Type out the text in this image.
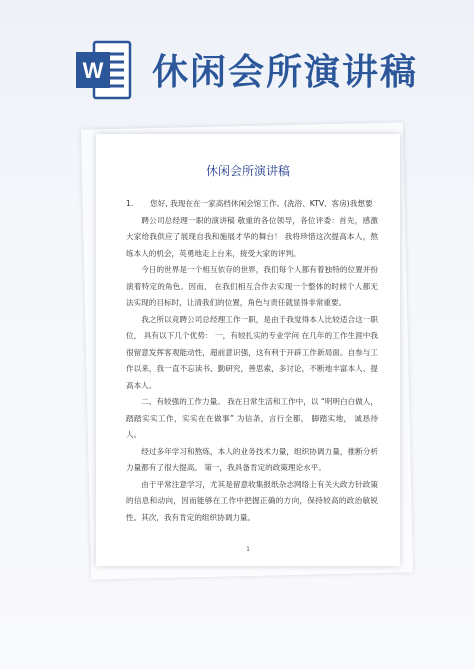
W 休闲会所演讲稿
休闲会所演讲稿

1.       您好, 我现在在一家高档休闲会馆工作。(洗浴、KTV、客房)我想要

聘公司总经理一职的演讲稿 敬重的各位领导，各位评委：首先，感激大家给我供应了展现自我和施展才华的舞台！ 我将珍惜这次提高本人，熬练本人的机会，英勇地走上台来，接受大家的评判。

今日的世界是一个相互依存的世界，我们每个人都有着独特的位置并扮演着特定的角色。因而， 在我们相互合作去实现一个整体的时候个人都无法实现的目标时，让清我们的位置，角色与责任就显得非常重要。

我之所以竞聘公司总经理工作一职，是由于我觉得本人比较适合这一职位， 具有以下几个优势： 一，有较扎实的专业学问 在几年的工作生涯中我很留意发挥客观能动性，超前意识强，这有利于开辟工作新局面。自参与工作以来，我一直不忘读书、勤研究，善思索，多讨论，不断地丰富本人、提高本人。

二、有较强的工作力量。 我在日常生活和工作中，以 “明明白白做人，踏踏实实工作，实实在在做事” 为信条，言行全都， 脚踏实地， 诚恳待人。

经过多年学习和熬炼，本人的业务技术力量，组织协调力量，推断分析力量都有了很大提高。 第一，我具备肯定的政策理论水平。

由于平常注意学习，尤其是留意收集报纸杂志网络上有关大政方针政策的信息和动向，因而能够在工作中把握正确的方向，保持较高的政治敏锐性。其次，我有肯定的组织协调力量。

1
